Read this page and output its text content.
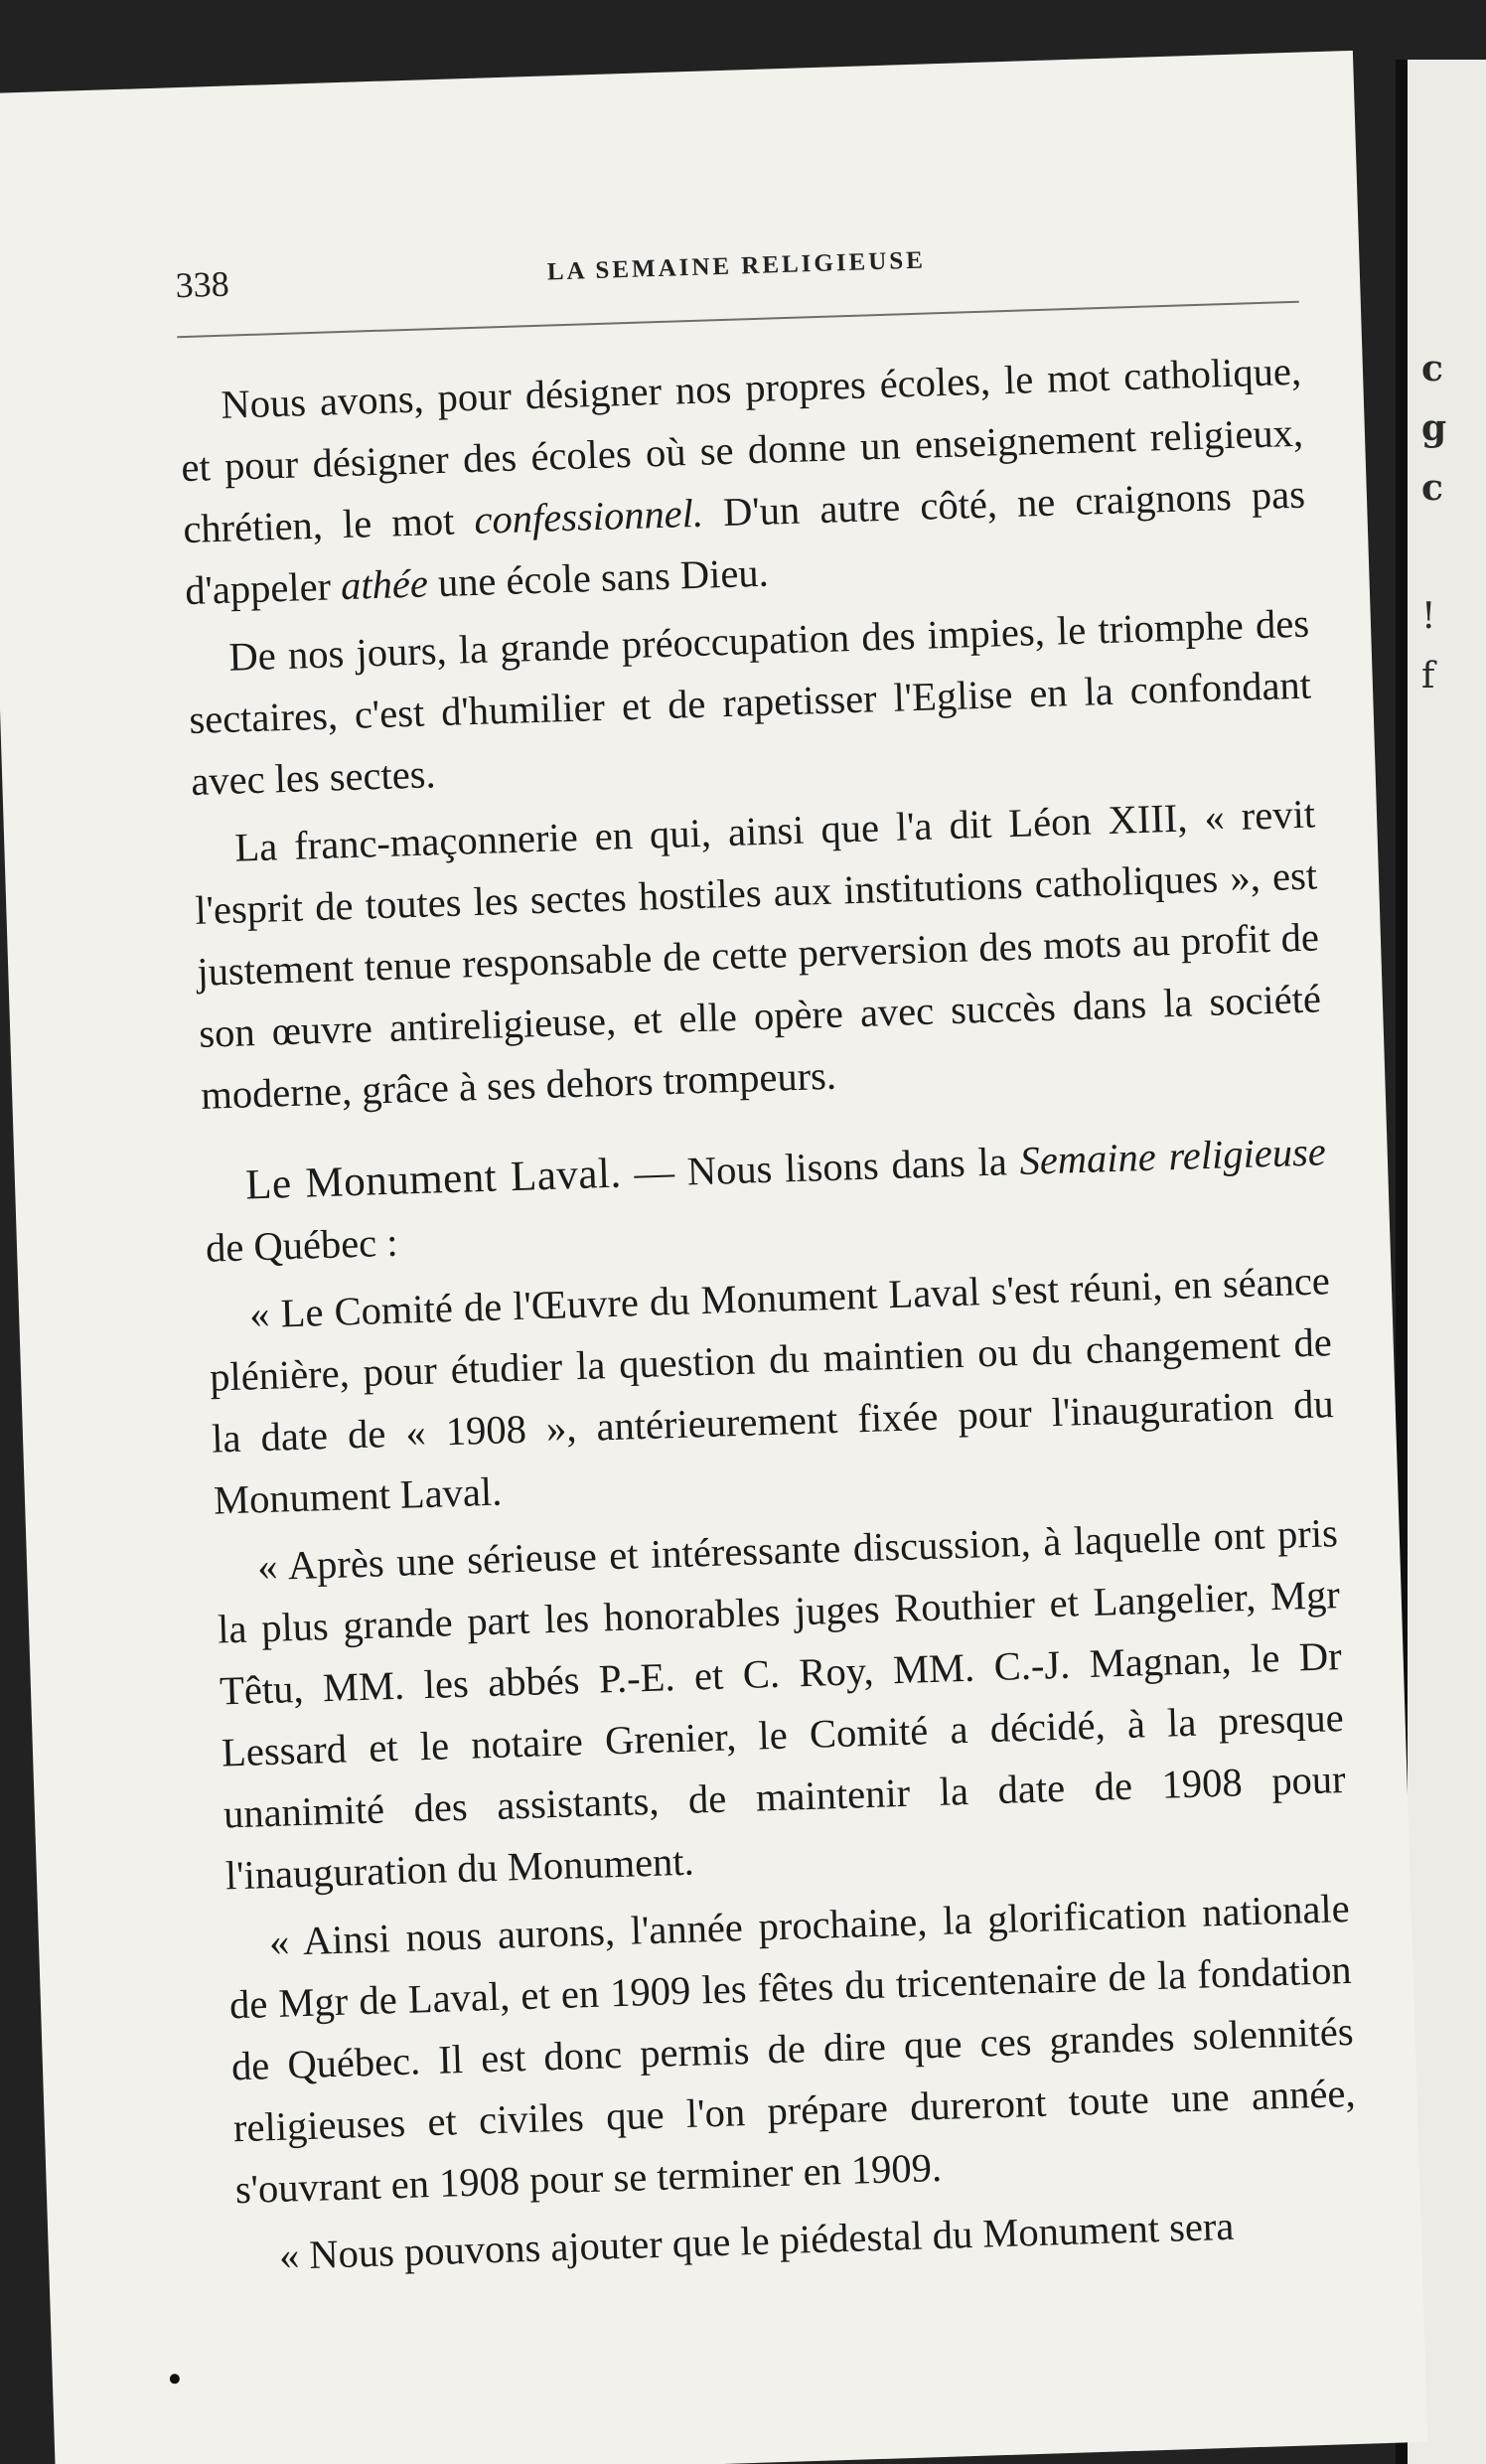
c
g
c
!
f
338	LA SEMAINE RELIGIEUSE

Nous avons, pour désigner nos propres écoles, le mot catholique, et pour désigner des écoles où se donne un enseignement religieux, chrétien, le mot confessionnel. D'un autre côté, ne craignons pas d'appeler athée une école sans Dieu.

De nos jours, la grande préoccupation des impies, le triomphe des sectaires, c'est d'humilier et de rapetisser l'Eglise en la confondant avec les sectes.

La franc-maçonnerie en qui, ainsi que l'a dit Léon XIII, « revit l'esprit de toutes les sectes hostiles aux institutions catholiques », est justement tenue responsable de cette perversion des mots au profit de son œuvre antireligieuse, et elle opère avec succès dans la société moderne, grâce à ses dehors trompeurs.

Le Monument Laval. — Nous lisons dans la Semaine religieuse de Québec :

« Le Comité de l'Œuvre du Monument Laval s'est réuni, en séance plénière, pour étudier la question du maintien ou du changement de la date de « 1908 », antérieurement fixée pour l'inauguration du Monument Laval.

« Après une sérieuse et intéressante discussion, à laquelle ont pris la plus grande part les honorables juges Routhier et Langelier, Mgr Têtu, MM. les abbés P.-E. et C. Roy, MM. C.-J. Magnan, le Dr Lessard et le notaire Grenier, le Comité a décidé, à la presque unanimité des assistants, de maintenir la date de 1908 pour l'inauguration du Monument.

« Ainsi nous aurons, l'année prochaine, la glorification nationale de Mgr de Laval, et en 1909 les fêtes du tricentenaire de la fondation de Québec. Il est donc permis de dire que ces grandes solennités religieuses et civiles que l'on prépare dureront toute une année, s'ouvrant en 1908 pour se terminer en 1909.

« Nous pouvons ajouter que le piédestal du Monument sera
